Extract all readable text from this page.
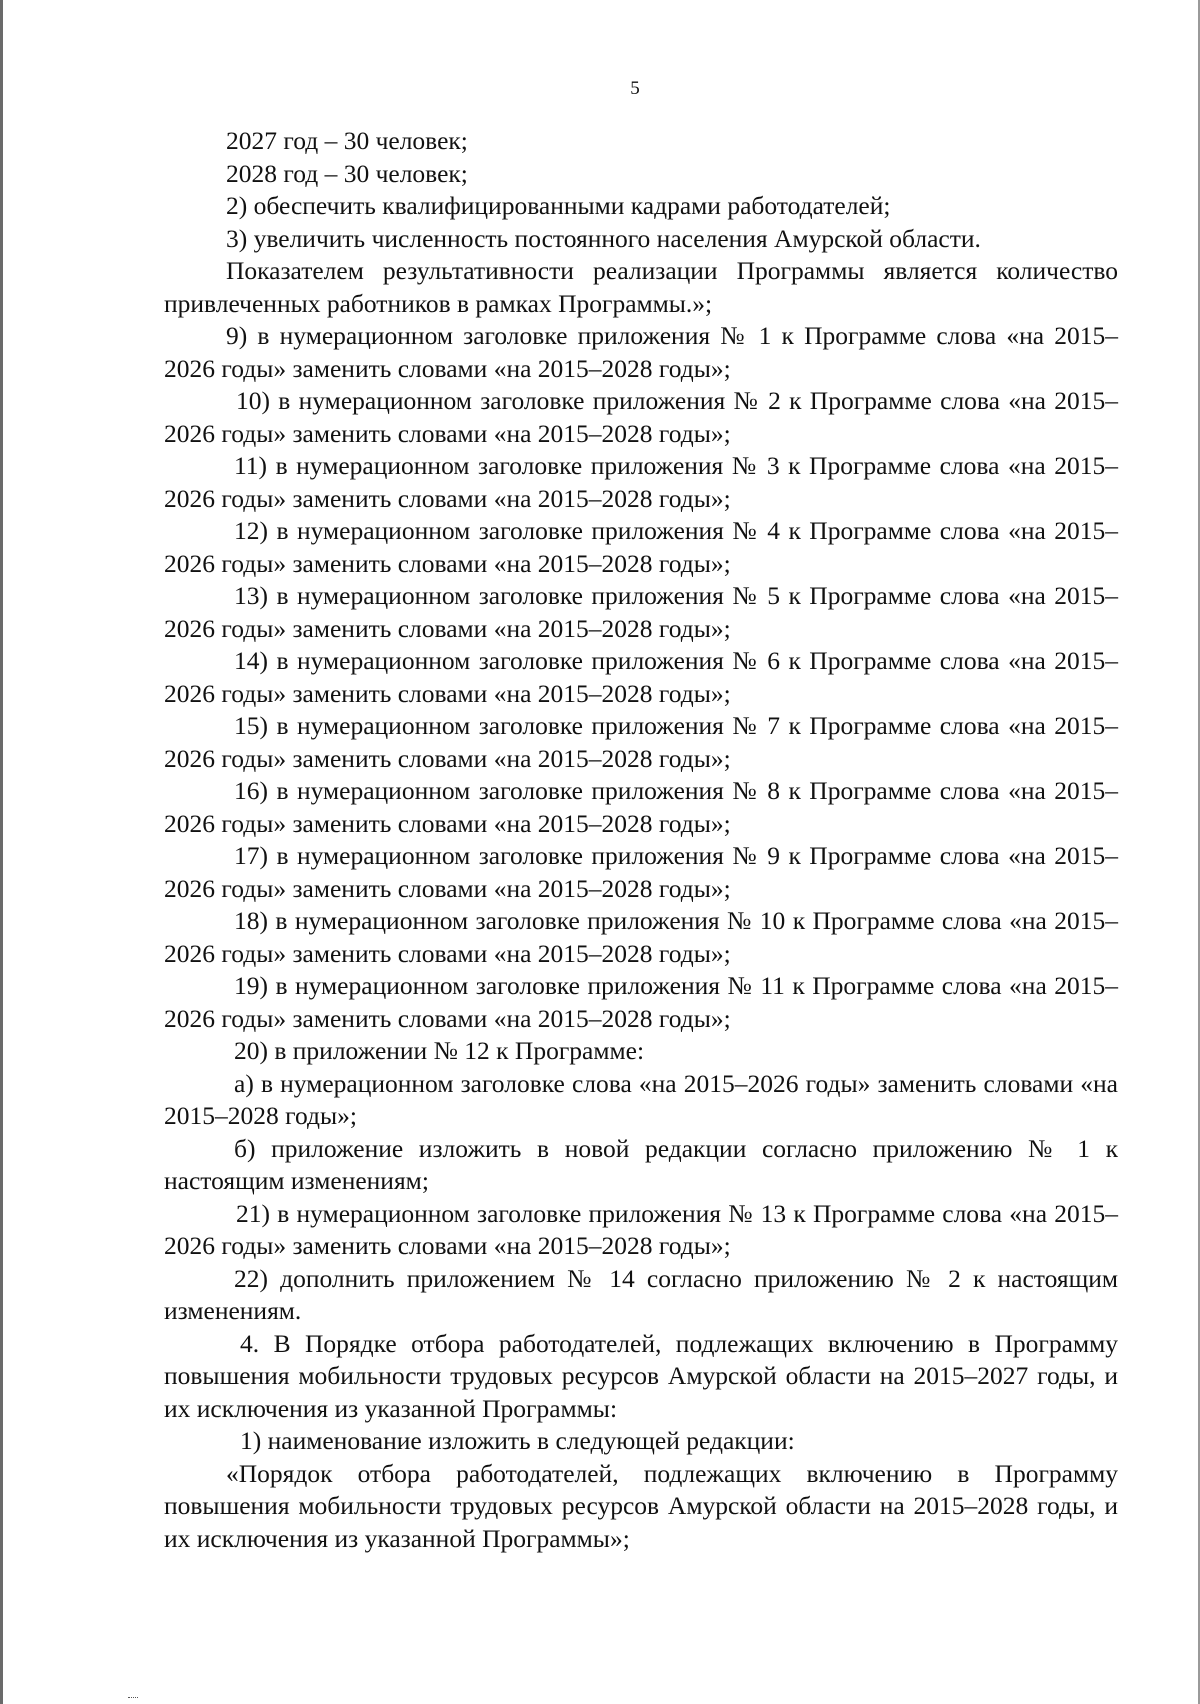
5

2027 год – 30 человек;

2028 год – 30 человек;

2) обеспечить квалифицированными кадрами работодателей;

3) увеличить численность постоянного населения Амурской области.

Показателем результативности реализации Программы является количество привлеченных работников в рамках Программы.»;

9) в нумерационном заголовке приложения № 1 к Программе слова «на 2015–2026 годы» заменить словами «на 2015–2028 годы»;

10) в нумерационном заголовке приложения № 2 к Программе слова «на 2015–2026 годы» заменить словами «на 2015–2028 годы»;

11) в нумерационном заголовке приложения № 3 к Программе слова «на 2015–2026 годы» заменить словами «на 2015–2028 годы»;

12) в нумерационном заголовке приложения № 4 к Программе слова «на 2015–2026 годы» заменить словами «на 2015–2028 годы»;

13) в нумерационном заголовке приложения № 5 к Программе слова «на 2015–2026 годы» заменить словами «на 2015–2028 годы»;

14) в нумерационном заголовке приложения № 6 к Программе слова «на 2015–2026 годы» заменить словами «на 2015–2028 годы»;

15) в нумерационном заголовке приложения № 7 к Программе слова «на 2015–2026 годы» заменить словами «на 2015–2028 годы»;

16) в нумерационном заголовке приложения № 8 к Программе слова «на 2015–2026 годы» заменить словами «на 2015–2028 годы»;

17) в нумерационном заголовке приложения № 9 к Программе слова «на 2015–2026 годы» заменить словами «на 2015–2028 годы»;

18) в нумерационном заголовке приложения № 10 к Программе слова «на 2015–2026 годы» заменить словами «на 2015–2028 годы»;

19) в нумерационном заголовке приложения № 11 к Программе слова «на 2015–2026 годы» заменить словами «на 2015–2028 годы»;

20) в приложении № 12 к Программе:

а) в нумерационном заголовке слова «на 2015–2026 годы» заменить словами «на 2015–2028 годы»;

б) приложение изложить в новой редакции согласно приложению № 1 к настоящим изменениям;

21) в нумерационном заголовке приложения № 13 к Программе слова «на 2015–2026 годы» заменить словами «на 2015–2028 годы»;

22) дополнить приложением № 14 согласно приложению № 2 к настоящим изменениям.

4. В Порядке отбора работодателей, подлежащих включению в Программу повышения мобильности трудовых ресурсов Амурской области на 2015–2027 годы, и их исключения из указанной Программы:

1) наименование изложить в следующей редакции:

«Порядок отбора работодателей, подлежащих включению в Программу повышения мобильности трудовых ресурсов Амурской области на 2015–2028 годы, и их исключения из указанной Программы»;
